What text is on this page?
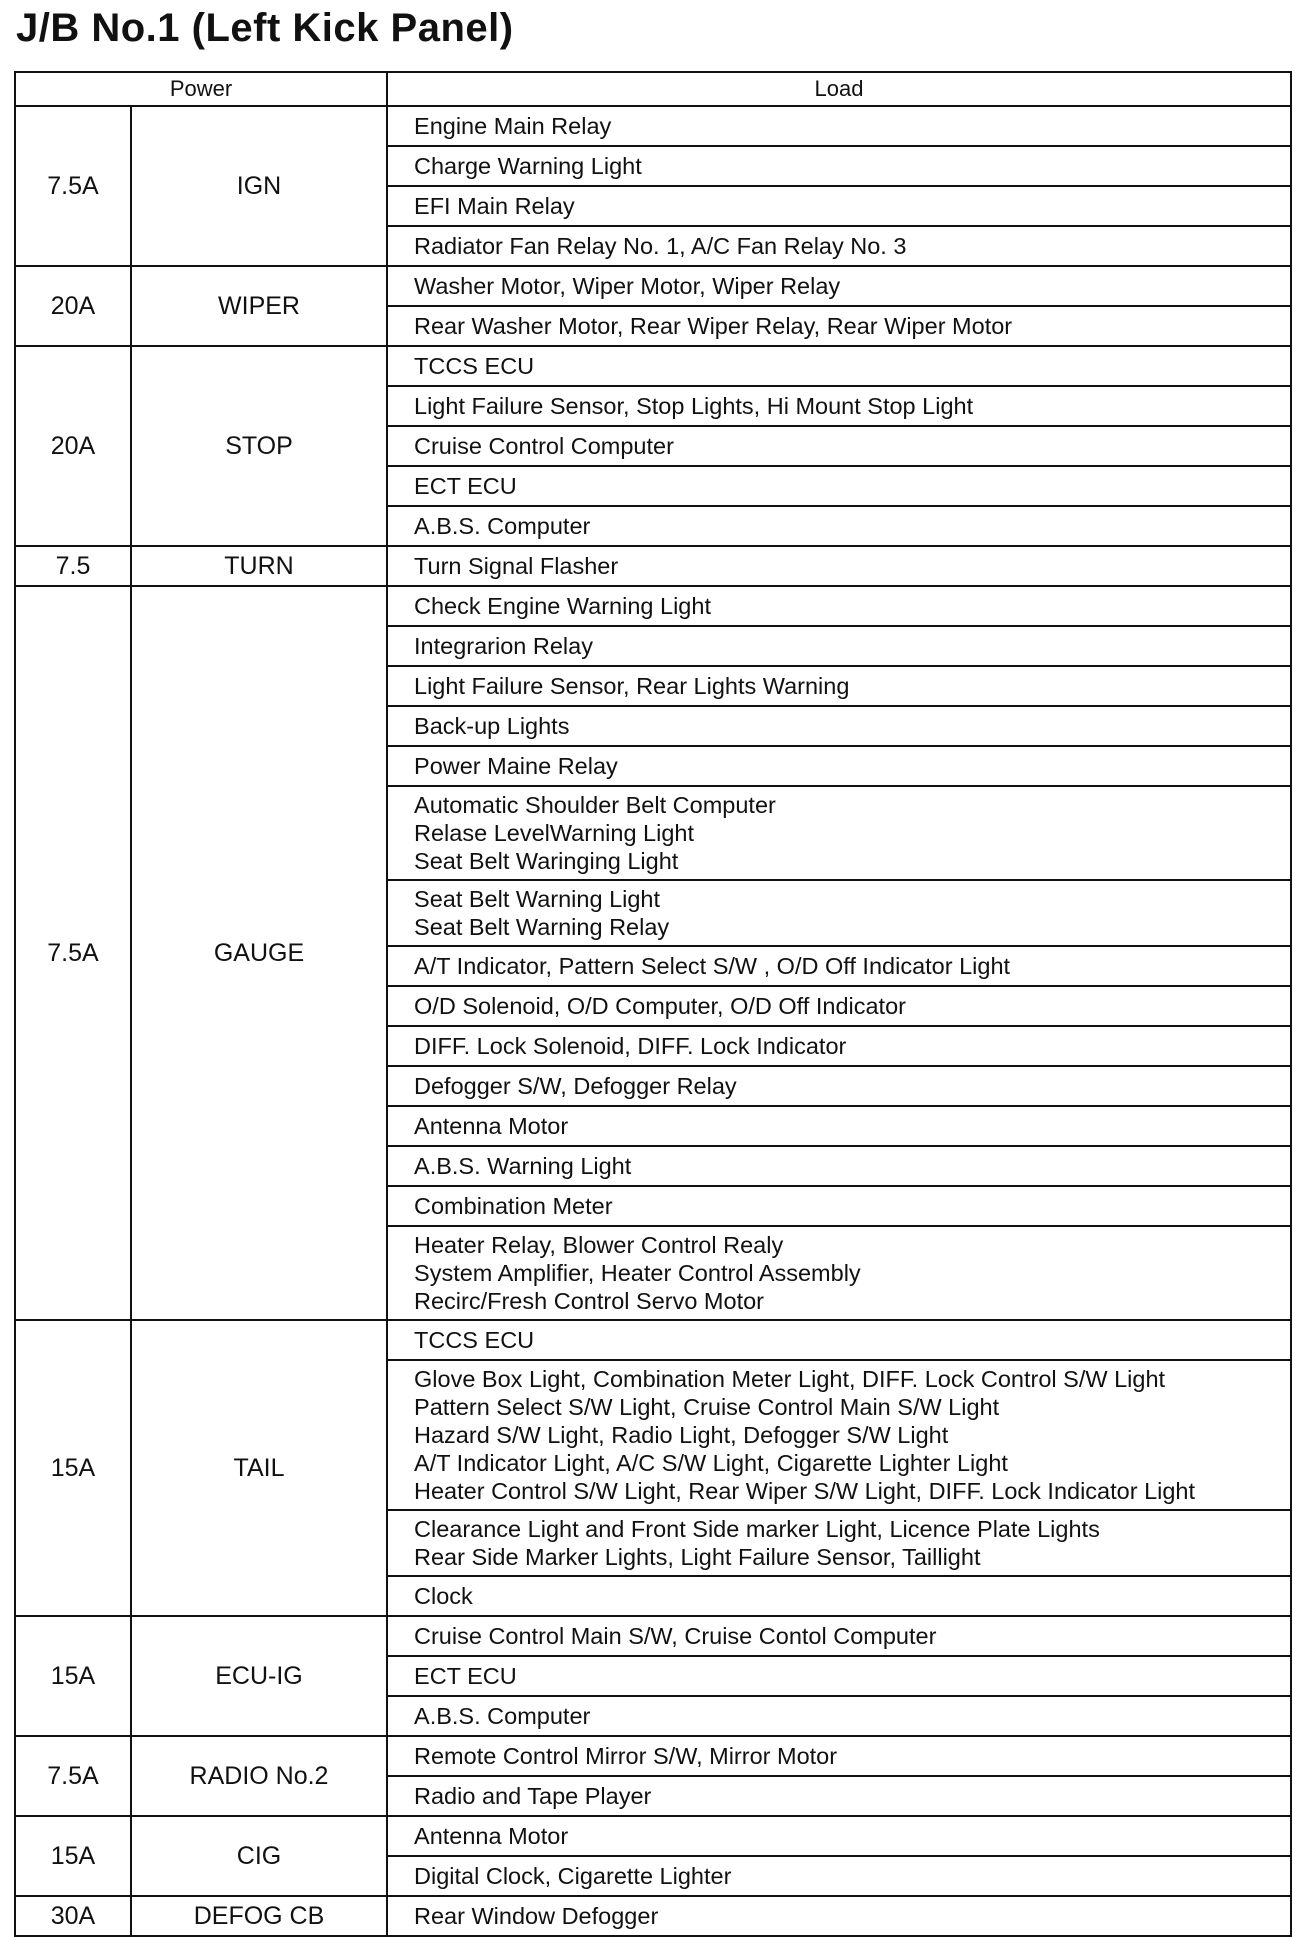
J/B No.1 (Left Kick Panel)
Power		Load
7.5A	IGN	Engine Main Relay

		Charge Warning Light

		EFI Main Relay

		Radiator Fan Relay No. 1, A/C Fan Relay No. 3

20A	WIPER	Washer Motor, Wiper Motor, Wiper Relay

		Rear Washer Motor, Rear Wiper Relay, Rear Wiper Motor

20A	STOP	TCCS ECU

		Light Failure Sensor, Stop Lights, Hi Mount Stop Light

		Cruise Control Computer

		ECT ECU

		A.B.S. Computer

7.5	TURN	Turn Signal Flasher

7.5A	GAUGE	Check Engine Warning Light

		Integrarion Relay

		Light Failure Sensor, Rear Lights Warning

		Back-up Lights

		Power Maine Relay

		Automatic Shoulder Belt Computer
Relase LevelWarning Light
Seat Belt Waringing Light

		Seat Belt Warning Light
Seat Belt Warning Relay

		A/T Indicator, Pattern Select S/W , O/D Off Indicator Light

		O/D Solenoid, O/D Computer, O/D Off Indicator

		DIFF. Lock Solenoid, DIFF. Lock Indicator

		Defogger S/W, Defogger Relay

		Antenna Motor

		A.B.S. Warning Light

		Combination Meter

		Heater Relay, Blower Control Realy
System Amplifier, Heater Control Assembly
Recirc/Fresh Control Servo Motor

15A	TAIL	TCCS ECU

		Glove Box Light, Combination Meter Light, DIFF. Lock Control S/W Light
Pattern Select S/W Light, Cruise Control Main S/W Light
Hazard S/W Light, Radio Light, Defogger S/W Light
A/T Indicator Light, A/C S/W Light, Cigarette Lighter Light
Heater Control S/W Light, Rear Wiper S/W Light, DIFF. Lock Indicator Light

		Clearance Light and Front Side marker Light, Licence Plate Lights
Rear Side Marker Lights, Light Failure Sensor, Taillight

		Clock

15A	ECU-IG	Cruise Control Main S/W, Cruise Contol Computer

		ECT ECU

		A.B.S. Computer

7.5A	RADIO No.2	Remote Control Mirror S/W, Mirror Motor

		Radio and Tape Player

15A	CIG	Antenna Motor

		Digital Clock, Cigarette Lighter

30A	DEFOG CB	Rear Window Defogger
